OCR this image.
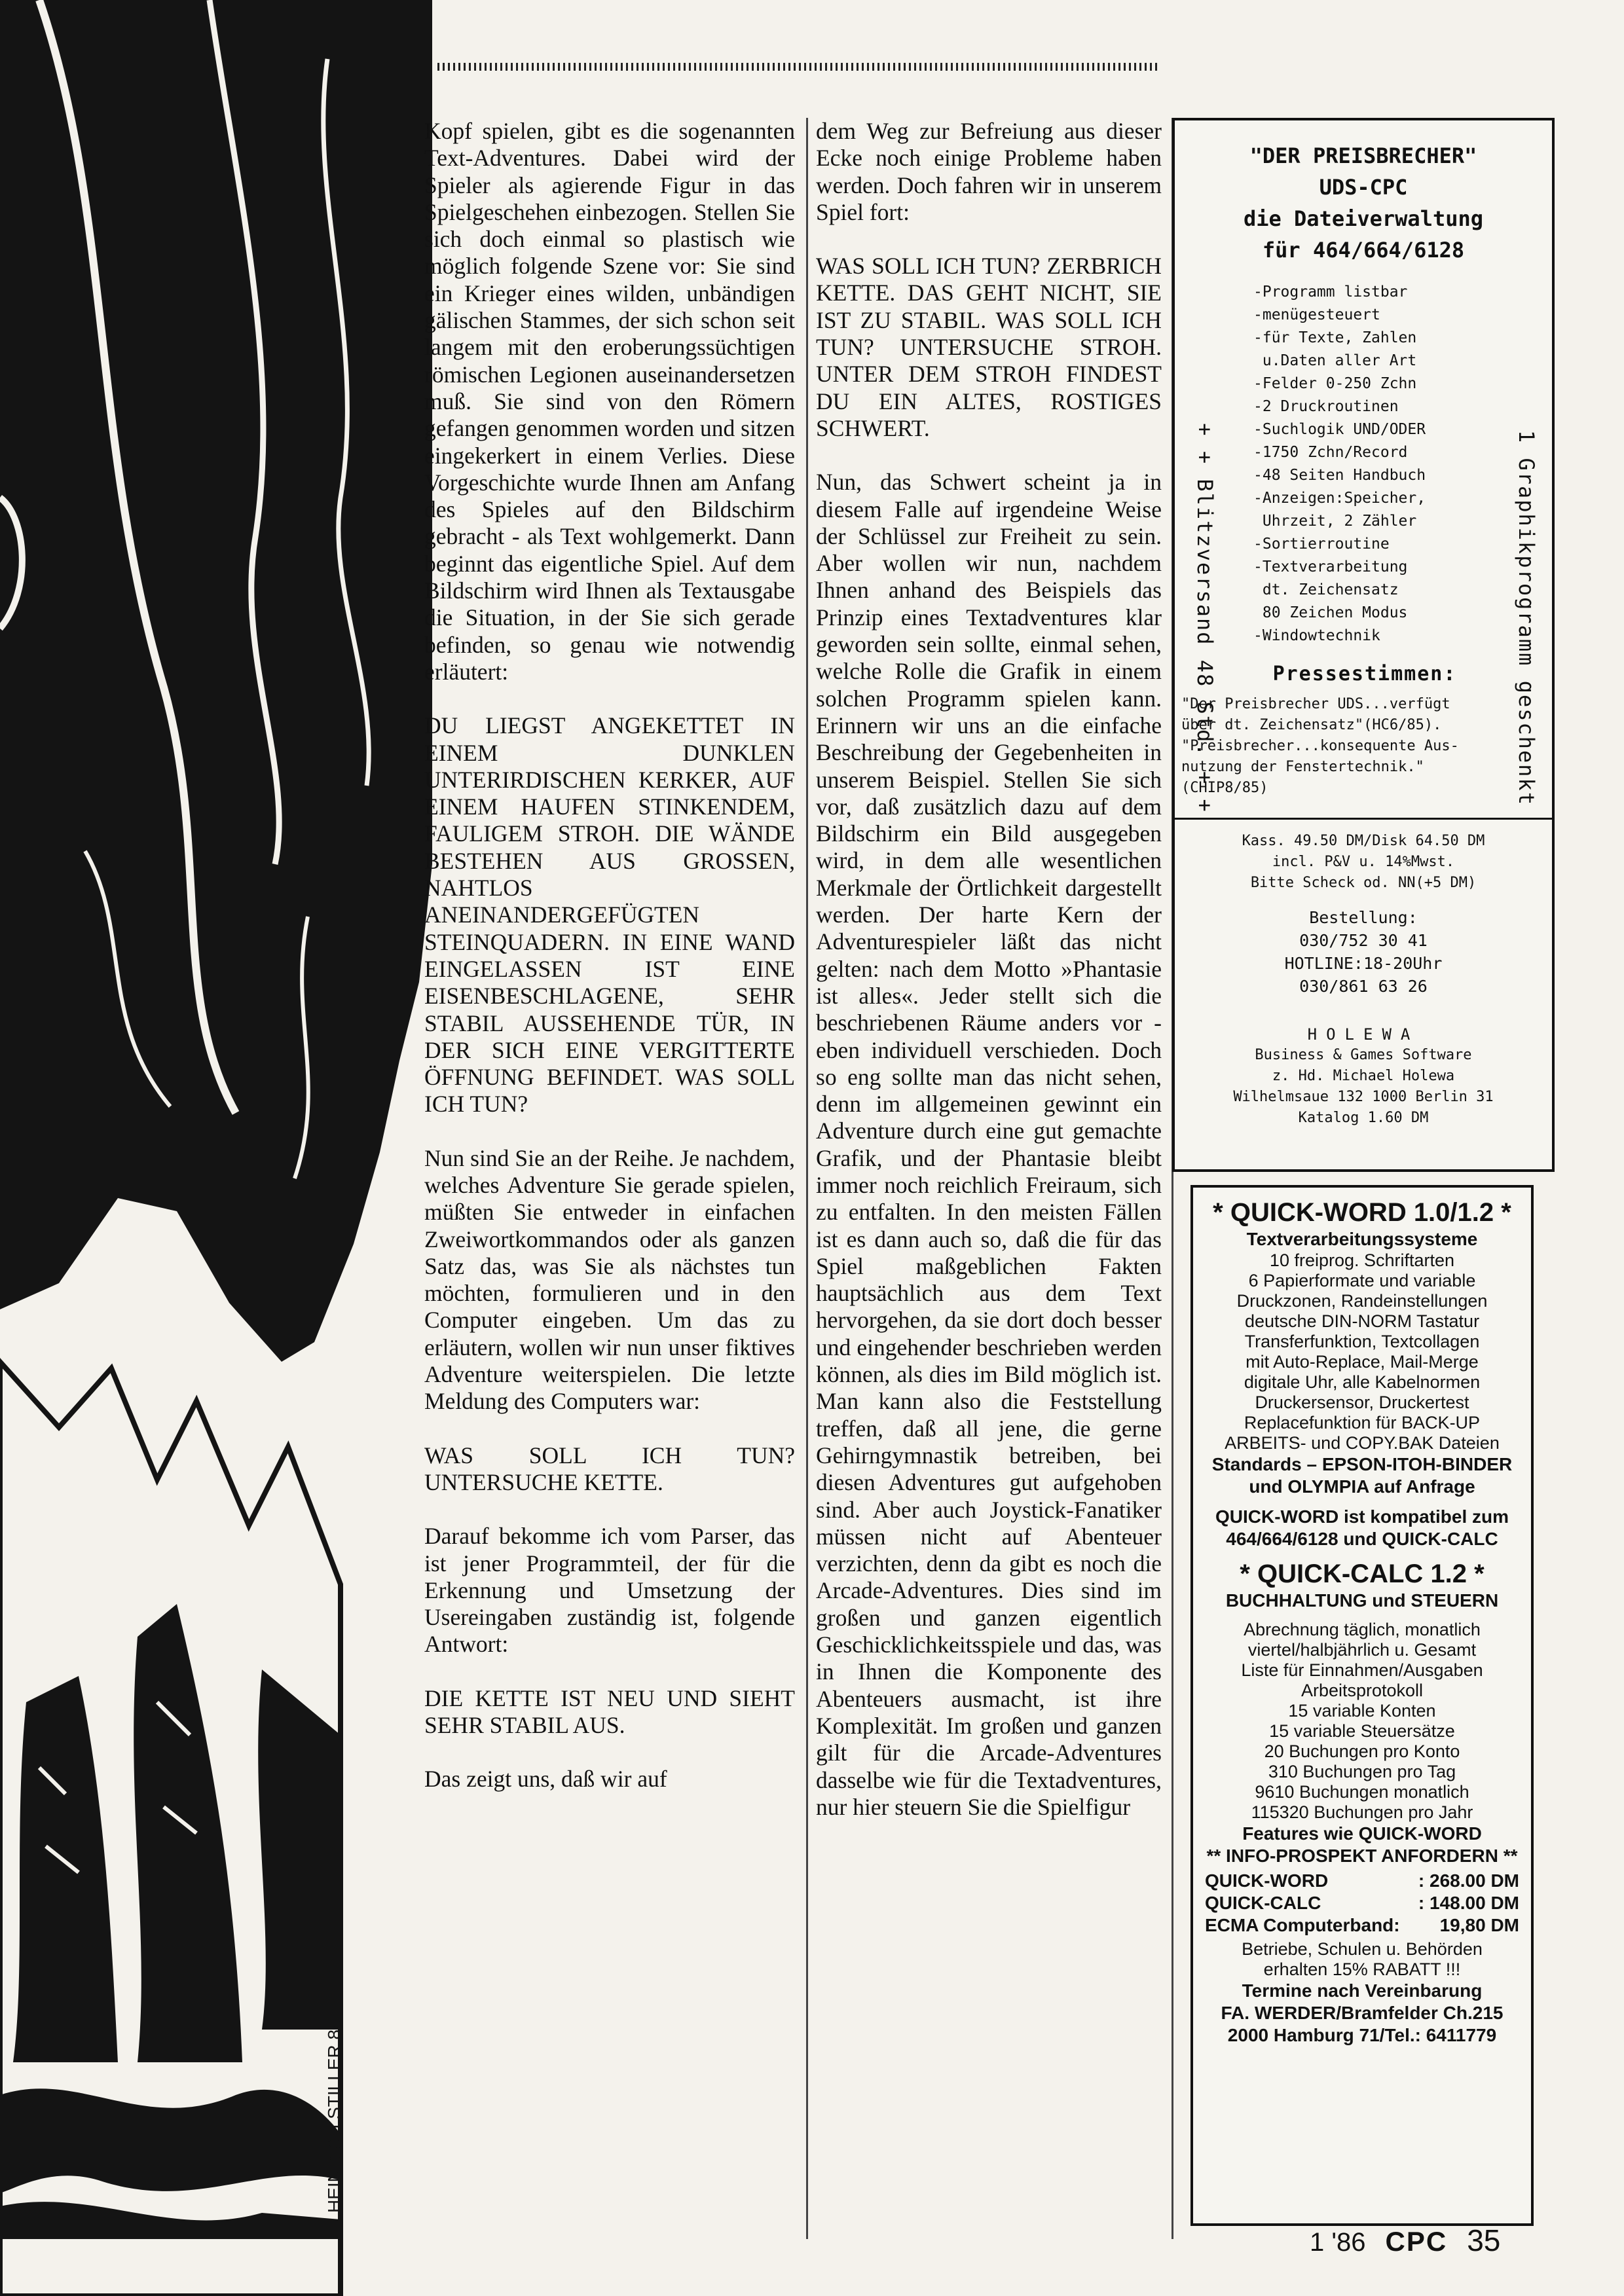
HEINRICH STILLER 85

Kopf spielen, gibt es die sogenannten Text-Adventures. Dabei wird der Spieler als agierende Figur in das Spielgeschehen einbezogen. Stellen Sie sich doch einmal so plastisch wie möglich folgende Szene vor: Sie sind ein Krieger eines wilden, unbändigen gälischen Stammes, der sich schon seit langem mit den eroberungssüchtigen römischen Legionen auseinandersetzen muß. Sie sind von den Römern gefangen genommen worden und sitzen eingekerkert in einem Verlies. Diese Vorgeschichte wurde Ihnen am Anfang des Spieles auf den Bildschirm gebracht - als Text wohlgemerkt. Dann beginnt das eigentliche Spiel. Auf dem Bildschirm wird Ihnen als Textausgabe die Situation, in der Sie sich gerade befinden, so genau wie notwendig erläutert:

DU LIEGST ANGEKETTET IN EINEM DUNKLEN UNTERIRDISCHEN KERKER, AUF EINEM HAUFEN STINKENDEM, FAULIGEM STROH. DIE WÄNDE BESTEHEN AUS GROSSEN, NAHTLOS ANEINANDERGEFÜGTEN STEINQUADERN. IN EINE WAND EINGELASSEN IST EINE EISENBESCHLAGENE, SEHR STABIL AUSSEHENDE TÜR, IN DER SICH EINE VERGITTERTE ÖFFNUNG BEFINDET. WAS SOLL ICH TUN?

Nun sind Sie an der Reihe. Je nachdem, welches Adventure Sie gerade spielen, müßten Sie entweder in einfachen Zweiwortkommandos oder als ganzen Satz das, was Sie als nächstes tun möchten, formulieren und in den Computer eingeben. Um das zu erläutern, wollen wir nun unser fiktives Adventure weiterspielen. Die letzte Meldung des Computers war:

WAS SOLL ICH TUN? UNTERSUCHE KETTE.

Darauf bekomme ich vom Parser, das ist jener Programmteil, der für die Erkennung und Umsetzung der Usereingaben zuständig ist, folgende Antwort:

DIE KETTE IST NEU UND SIEHT SEHR STABIL AUS.

Das zeigt uns, daß wir auf

dem Weg zur Befreiung aus dieser Ecke noch einige Probleme haben werden. Doch fahren wir in unserem Spiel fort:

WAS SOLL ICH TUN? ZERBRICH KETTE. DAS GEHT NICHT, SIE IST ZU STABIL. WAS SOLL ICH TUN? UNTERSUCHE STROH. UNTER DEM STROH FINDEST DU EIN ALTES, ROSTIGES SCHWERT.

Nun, das Schwert scheint ja in diesem Falle auf irgendeine Weise der Schlüssel zur Freiheit zu sein. Aber wollen wir nun, nachdem Ihnen anhand des Beispiels das Prinzip eines Textadventures klar geworden sein sollte, einmal sehen, welche Rolle die Grafik in einem solchen Programm spielen kann. Erinnern wir uns an die einfache Beschreibung der Gegebenheiten in unserem Beispiel. Stellen Sie sich vor, daß zusätzlich dazu auf dem Bildschirm ein Bild ausgegeben wird, in dem alle wesentlichen Merkmale der Örtlichkeit dargestellt werden. Der harte Kern der Adventurespieler läßt das nicht gelten: nach dem Motto »Phantasie ist alles«. Jeder stellt sich die beschriebenen Räume anders vor - eben individuell verschieden. Doch so eng sollte man das nicht sehen, denn im allgemeinen gewinnt ein Adventure durch eine gut gemachte Grafik, und der Phantasie bleibt immer noch reichlich Freiraum, sich zu entfalten. In den meisten Fällen ist es dann auch so, daß die für das Spiel maßgeblichen Fakten hauptsächlich aus dem Text hervorgehen, da sie dort doch besser und eingehender beschrieben werden können, als dies im Bild möglich ist. Man kann also die Feststellung treffen, daß all jene, die gerne Gehirngymnastik betreiben, bei diesen Adventures gut aufgehoben sind. Aber auch Joystick-Fanatiker müssen nicht auf Abenteuer verzichten, denn da gibt es noch die Arcade-Adventures. Dies sind im großen und ganzen eigentlich Geschicklichkeitsspiele und das, was in Ihnen die Komponente des Abenteuers ausmacht, ist ihre Komplexität. Im großen und ganzen gilt für die Arcade-Adventures dasselbe wie für die Textadventures, nur hier steuern Sie die Spielfigur

"DER PREISBRECHER"
UDS-CPC
die Dateiverwaltung
für 464/664/6128
+ + Blitzversand 48 Std. + +	1 Graphikprogramm geschenkt
-Programm listbar
-menügesteuert
-für Texte, Zahlen
u.Daten aller Art
-Felder 0-250 Zchn
-2 Druckroutinen
-Suchlogik UND/ODER
-1750 Zchn/Record
-48 Seiten Handbuch
-Anzeigen:Speicher,
Uhrzeit, 2 Zähler
-Sortierroutine
-Textverarbeitung
dt. Zeichensatz
80 Zeichen Modus
-Windowtechnik
Pressestimmen:
"Der Preisbrecher UDS...verfügt
über dt. Zeichensatz"(HC6/85).
"Preisbrecher...konsequente Aus-
nutzung der Fenstertechnik."
(CHIP8/85)
Kass. 49.50 DM/Disk 64.50 DM
incl. P&V u. 14%Mwst.
Bitte Scheck od. NN(+5 DM)
Bestellung:
030/752 30 41
HOTLINE:18-20Uhr
030/861 63 26
HOLEWA
Business & Games Software
z. Hd. Michael Holewa
Wilhelmsaue 132 1000 Berlin 31
Katalog 1.60 DM
* QUICK-WORD 1.0/1.2 *
Textverarbeitungssysteme
10 freiprog. Schriftarten
6 Papierformate und variable
Druckzonen, Randeinstellungen
deutsche DIN-NORM Tastatur
Transferfunktion, Textcollagen
mit Auto-Replace, Mail-Merge
digitale Uhr, alle Kabelnormen
Druckersensor, Druckertest
Replacefunktion für BACK-UP
ARBEITS- und COPY.BAK Dateien
Standards – EPSON-ITOH-BINDER
und OLYMPIA auf Anfrage
QUICK-WORD ist kompatibel zum
464/664/6128 und QUICK-CALC
* QUICK-CALC 1.2 *
BUCHHALTUNG und STEUERN
Abrechnung täglich, monatlich
viertel/halbjährlich u. Gesamt
Liste für Einnahmen/Ausgaben
Arbeitsprotokoll
15 variable Konten
15 variable Steuersätze
20 Buchungen pro Konto
310 Buchungen pro Tag
9610 Buchungen monatlich
115320 Buchungen pro Jahr
Features wie QUICK-WORD
** INFO-PROSPEKT ANFORDERN **
QUICK-WORD	: 268.00 DM
QUICK-CALC	: 148.00 DM
ECMA Computerband: 19,80 DM
Betriebe, Schulen u. Behörden
erhalten 15% RABATT !!!
Termine nach Vereinbarung
FA. WERDER/Bramfelder Ch.215
2000 Hamburg 71/Tel.: 6411779
1 '86 CPC 35
